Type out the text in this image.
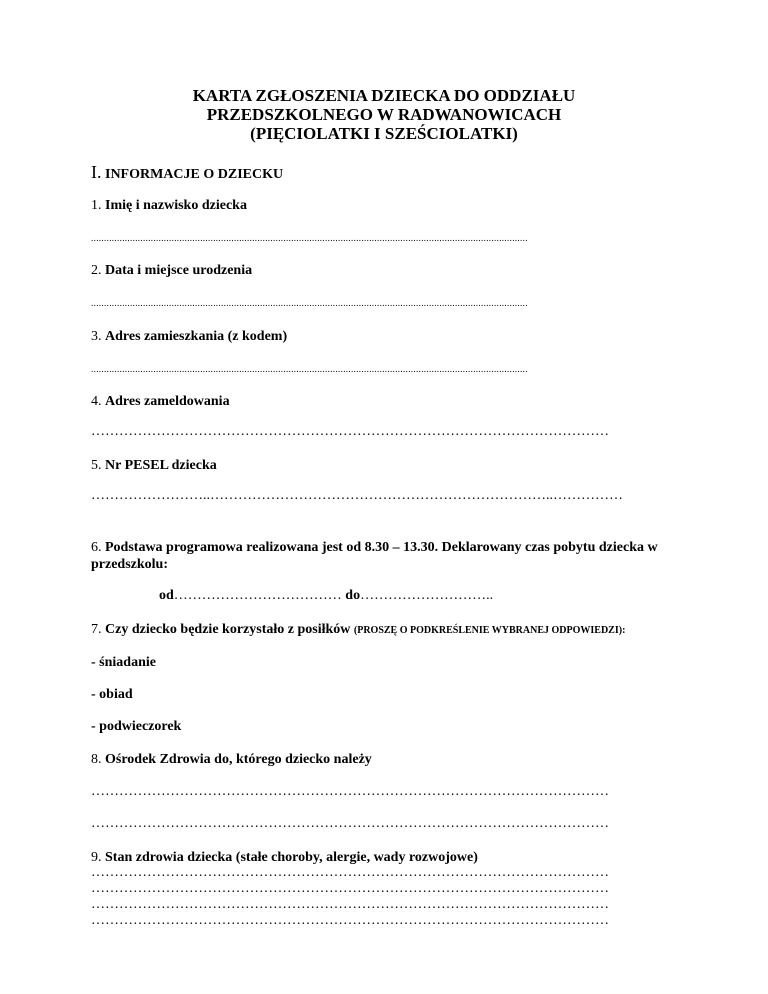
KARTA ZGŁOSZENIA DZIECKA DO ODDZIAŁU
PRZEDSZKOLNEGO W RADWANOWICACH
(PIĘCIOLATKI I SZEŚCIOLATKI)
I. INFORMACJE O DZIECKU
1. Imię i nazwisko dziecka
........................................................................................................................................................................
2. Data i miejsce urodzenia
........................................................................................................................................................................
3. Adres zamieszkania (z kodem)
........................................................................................................................................................................
4. Adres zameldowania
…………………………………………………………………………………………………
5. Nr PESEL dziecka
……………………..………………………………………………………………..……………
6. Podstawa programowa realizowana jest od 8.30 – 13.30. Deklarowany czas pobytu dziecka w przedszkolu:
od……………………………… do………………………..
7. Czy dziecko będzie korzystało z posiłków (PROSZĘ O PODKREŚLENIE WYBRANEJ ODPOWIEDZI):
- śniadanie
- obiad
- podwieczorek
8. Ośrodek Zdrowia do, którego dziecko należy
…………………………………………………………………………………………………
…………………………………………………………………………………………………
9. Stan zdrowia dziecka (stałe choroby, alergie, wady rozwojowe)
…………………………………………………………………………………………………
…………………………………………………………………………………………………
…………………………………………………………………………………………………
…………………………………………………………………………………………………
